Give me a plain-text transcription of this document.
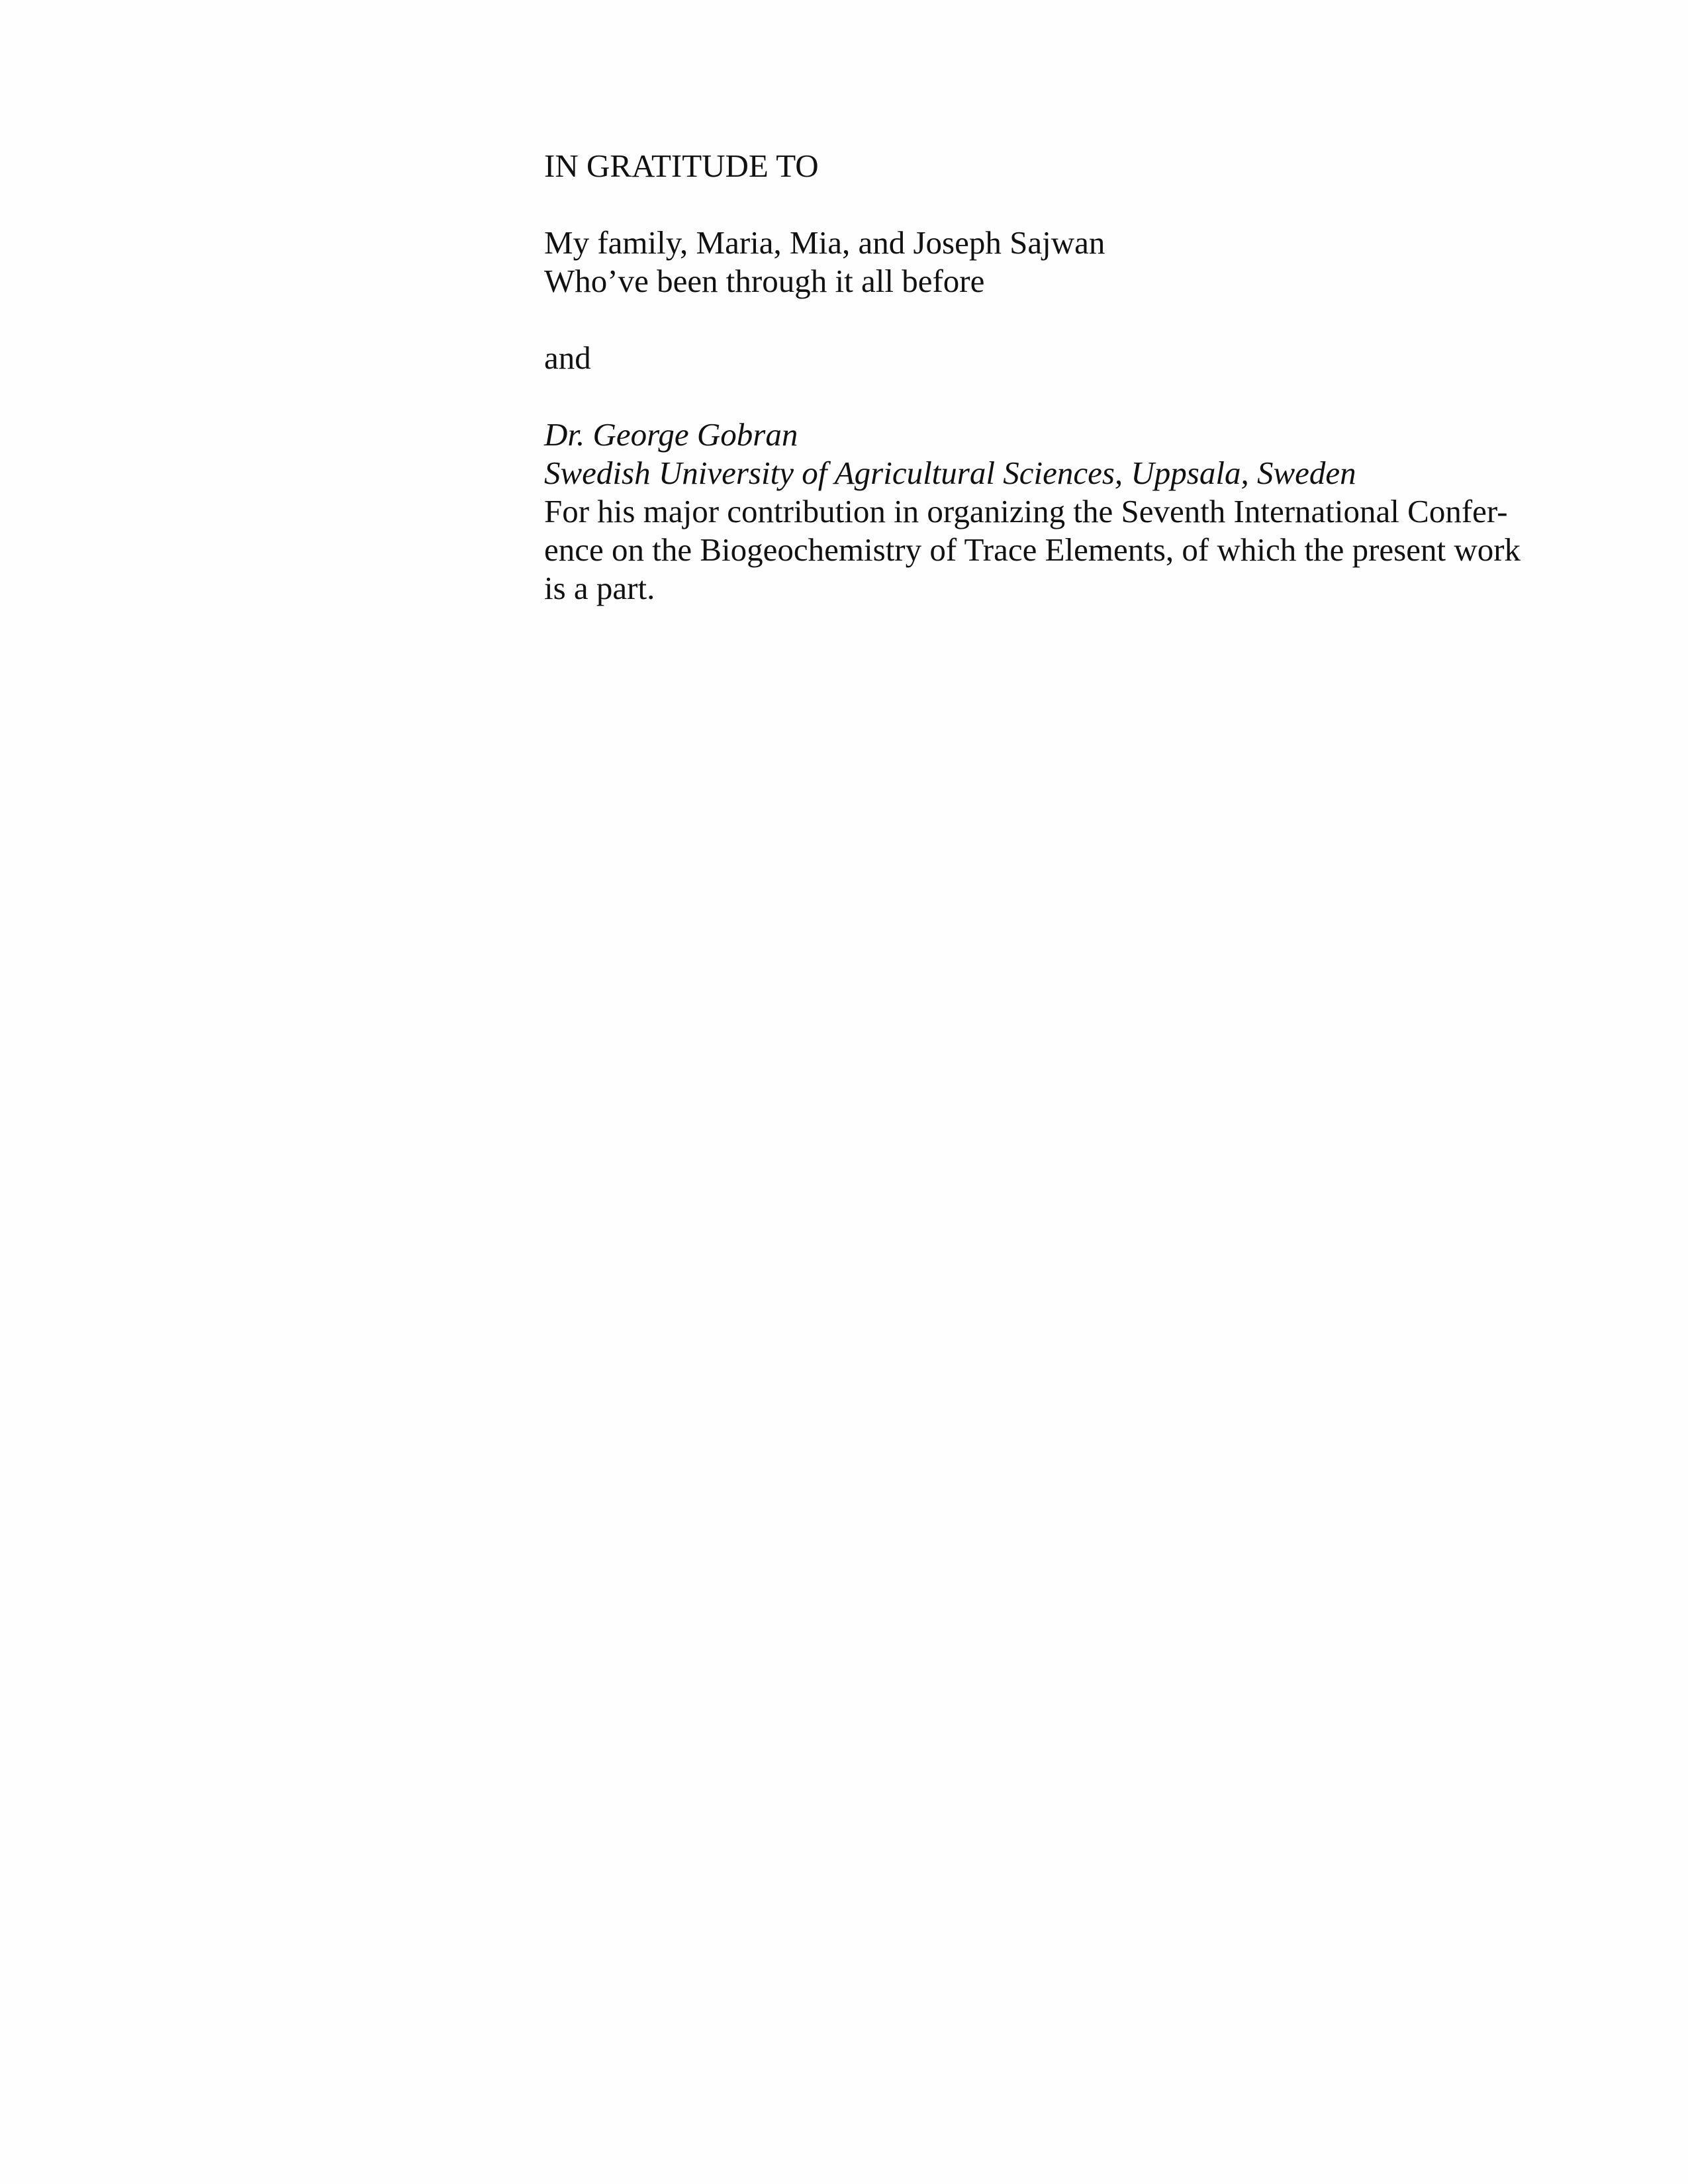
IN GRATITUDE TO
My family, Maria, Mia, and Joseph Sajwan
Who’ve been through it all before
and
Dr. George Gobran
Swedish University of Agricultural Sciences, Uppsala, Sweden
For his major contribution in organizing the Seventh International Confer-
ence on the Biogeochemistry of Trace Elements, of which the present work
is a part.
